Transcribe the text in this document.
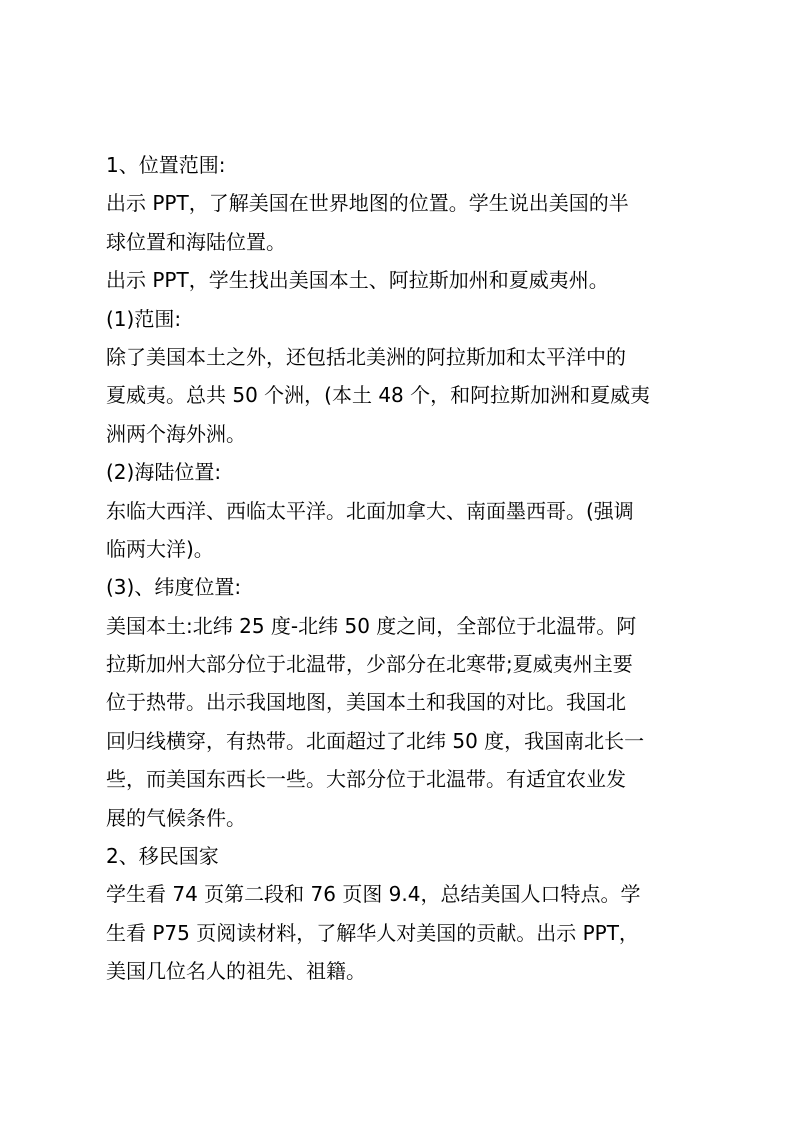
1、位置范围:
出示 PPT，了解美国在世界地图的位置。学生说出美国的半
球位置和海陆位置。
出示 PPT，学生找出美国本土、阿拉斯加州和夏威夷州。
(1)范围:
除了美国本土之外，还包括北美洲的阿拉斯加和太平洋中的
夏威夷。总共 50 个洲，(本土 48 个，和阿拉斯加洲和夏威夷
洲两个海外洲。
(2)海陆位置:
东临大西洋、西临太平洋。北面加拿大、南面墨西哥。(强调
临两大洋)。
(3)、纬度位置:
美国本土:北纬 25 度-北纬 50 度之间，全部位于北温带。阿
拉斯加州大部分位于北温带，少部分在北寒带;夏威夷州主要
位于热带。出示我国地图，美国本土和我国的对比。我国北
回归线横穿，有热带。北面超过了北纬 50 度，我国南北长一
些，而美国东西长一些。大部分位于北温带。有适宜农业发
展的气候条件。
2、移民国家
学生看 74 页第二段和 76 页图 9.4，总结美国人口特点。学
生看 P75 页阅读材料，了解华人对美国的贡献。出示 PPT，
美国几位名人的祖先、祖籍。
